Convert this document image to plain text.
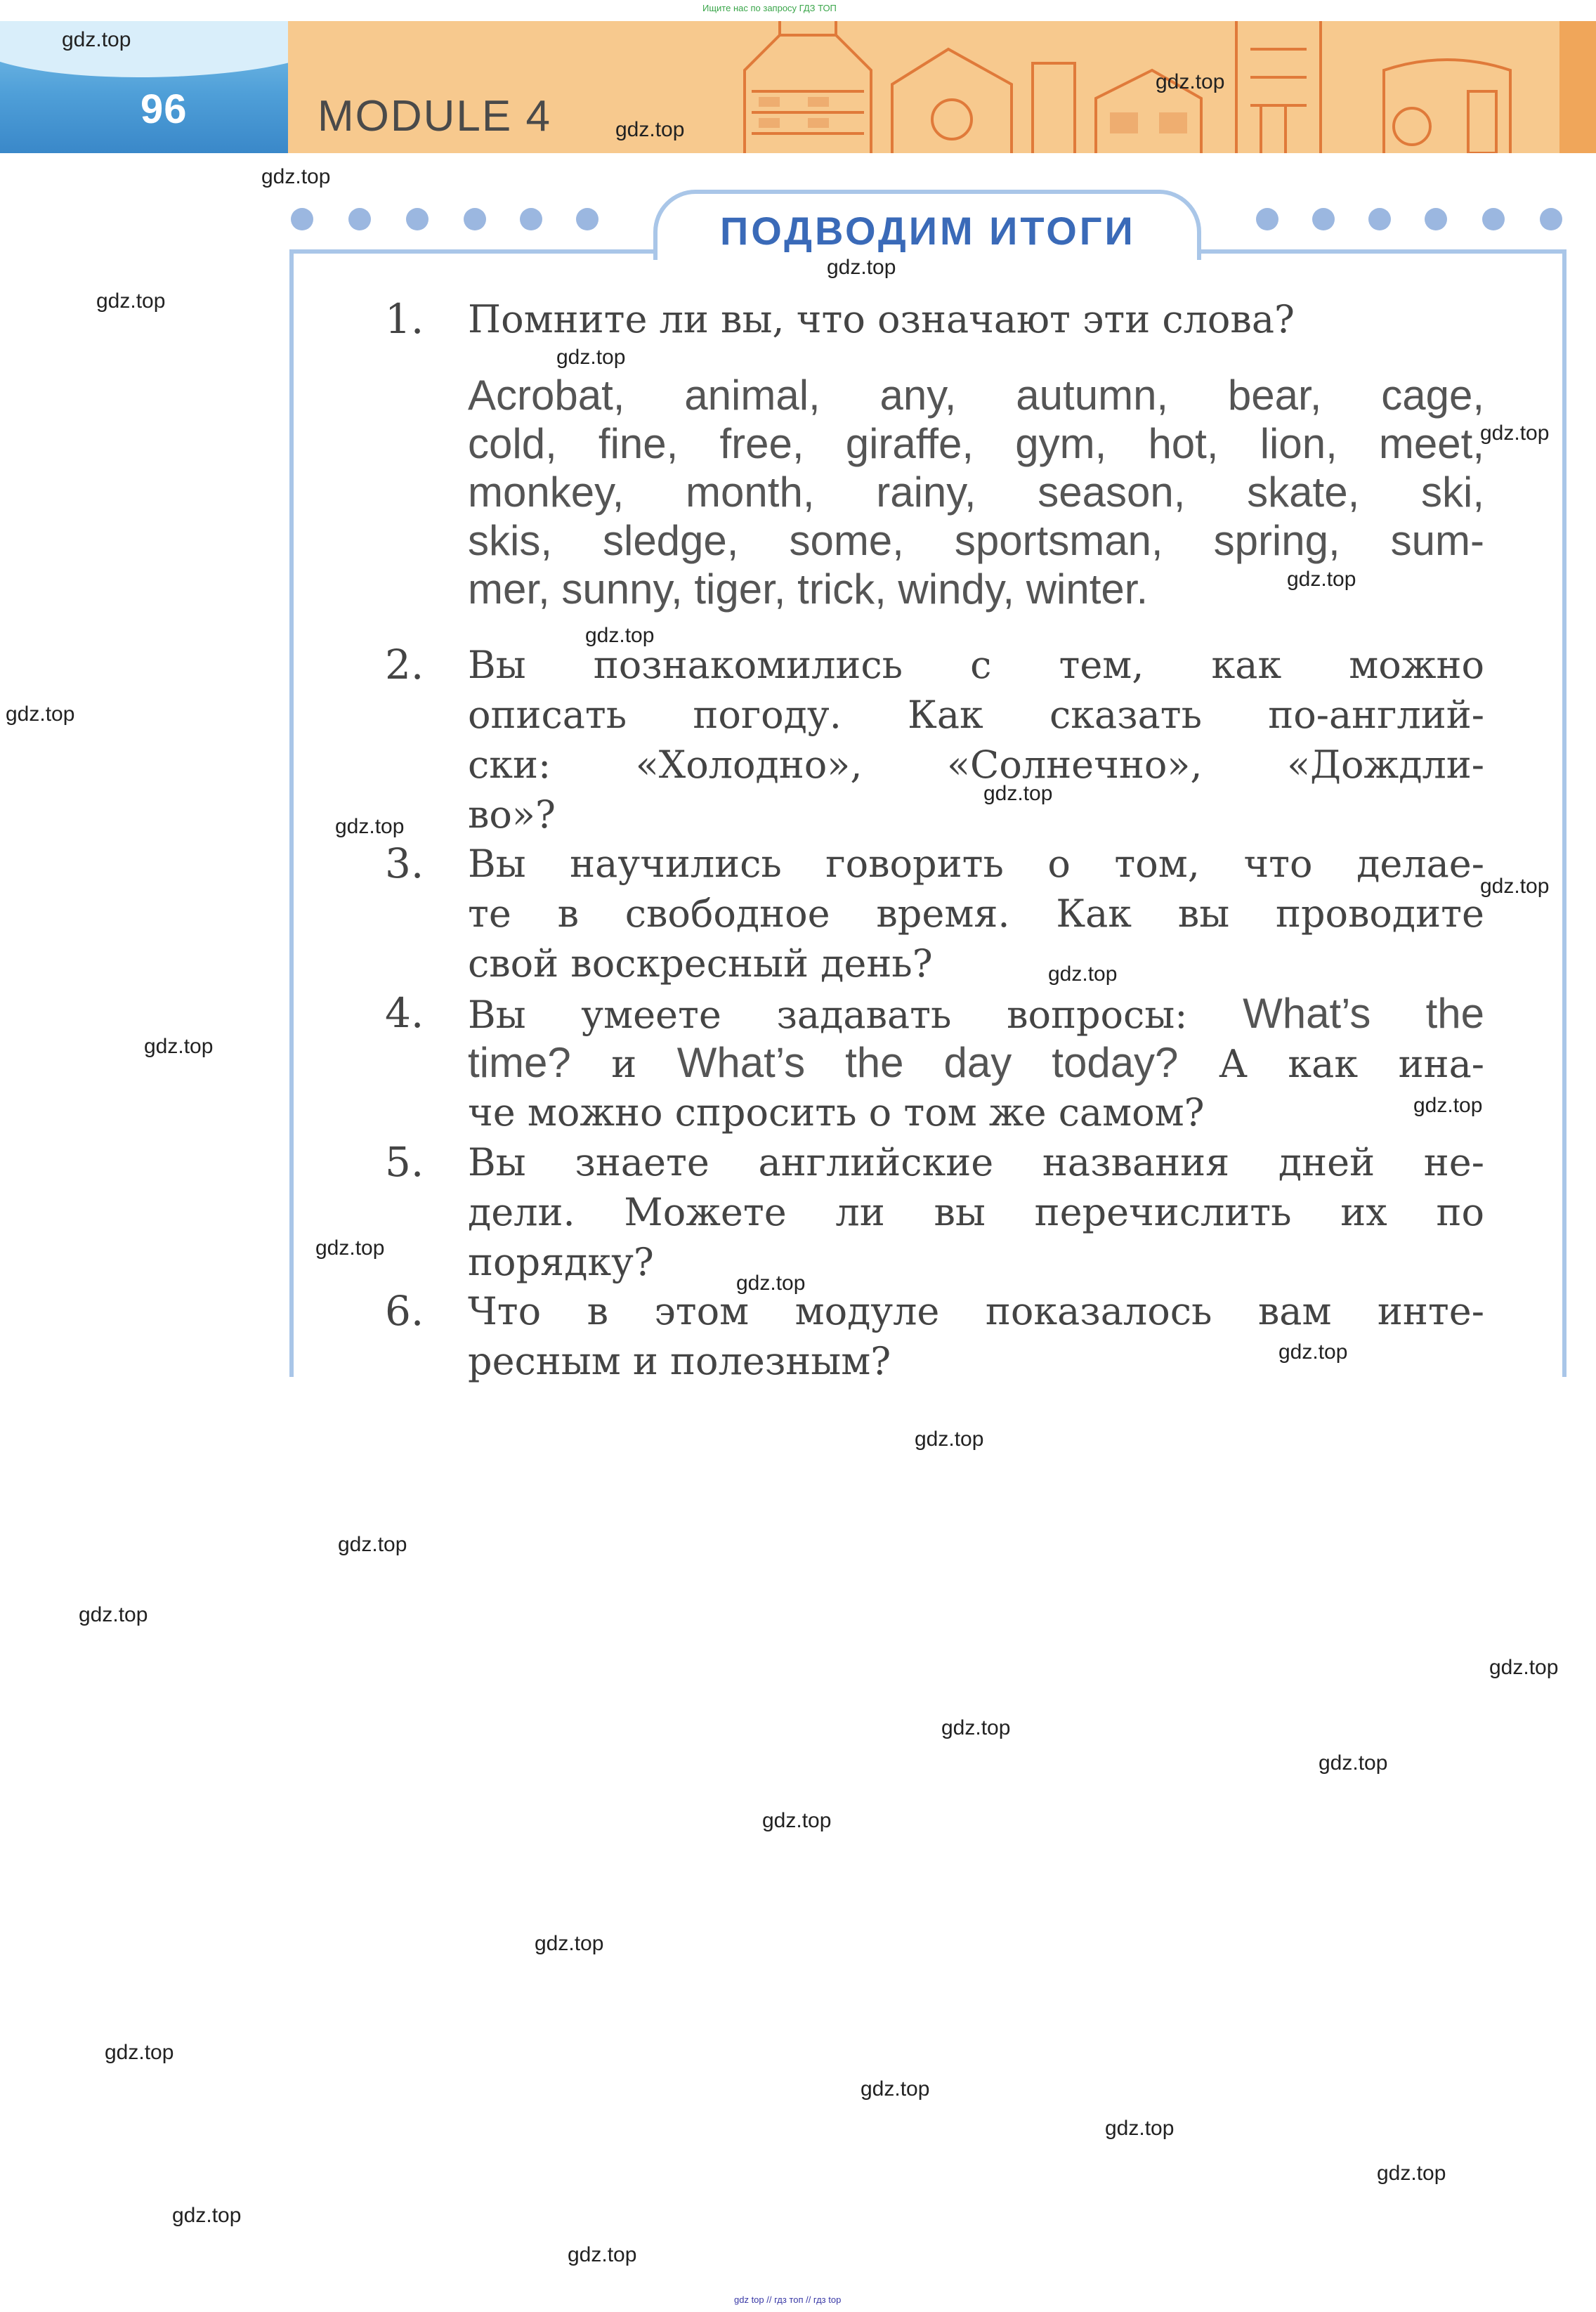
Ищите нас по запросу ГДЗ ТОП
96	MODULE 4
ПОДВОДИМ ИТОГИ
1. Помните ли вы, что означают эти слова?
Acrobat, animal, any, autumn, bear, cage,
cold, fine, free, giraffe, gym, hot, lion, meet,
monkey, month, rainy, season, skate, ski,
skis, sledge, some, sportsman, spring, sum-
mer, sunny, tiger, trick, windy, winter.
2. Вы познакомились с тем, как можно
описать погоду. Как сказать по-англий-
ски: «Холодно», «Солнечно», «Дождли-
во»?
3. Вы научились говорить о том, что делае-
те в свободное время. Как вы проводите
свой воскресный день?
4. Вы умеете задавать вопросы: What’s the
time? и What’s the day today? А как ина-
че можно спросить о том же самом?
5. Вы знаете английские названия дней не-
дели. Можете ли вы перечислить их по
порядку?
6. Что в этом модуле показалось вам инте-
ресным и полезным?
gdz.top
gdz.top
gdz.top
gdz.top
gdz.top
gdz.top
gdz.top
gdz.top
gdz.top
gdz.top
gdz.top
gdz.top
gdz.top
gdz.top
gdz.top
gdz.top
gdz.top
gdz.top
gdz.top
gdz.top
gdz.top
gdz.top
gdz.top
gdz.top
gdz.top
gdz.top
gdz.top
gdz.top
gdz.top
gdz.top
gdz.top
gdz.top
gdz.top
gdz.top
gdz top // гдз топ // гдз top
